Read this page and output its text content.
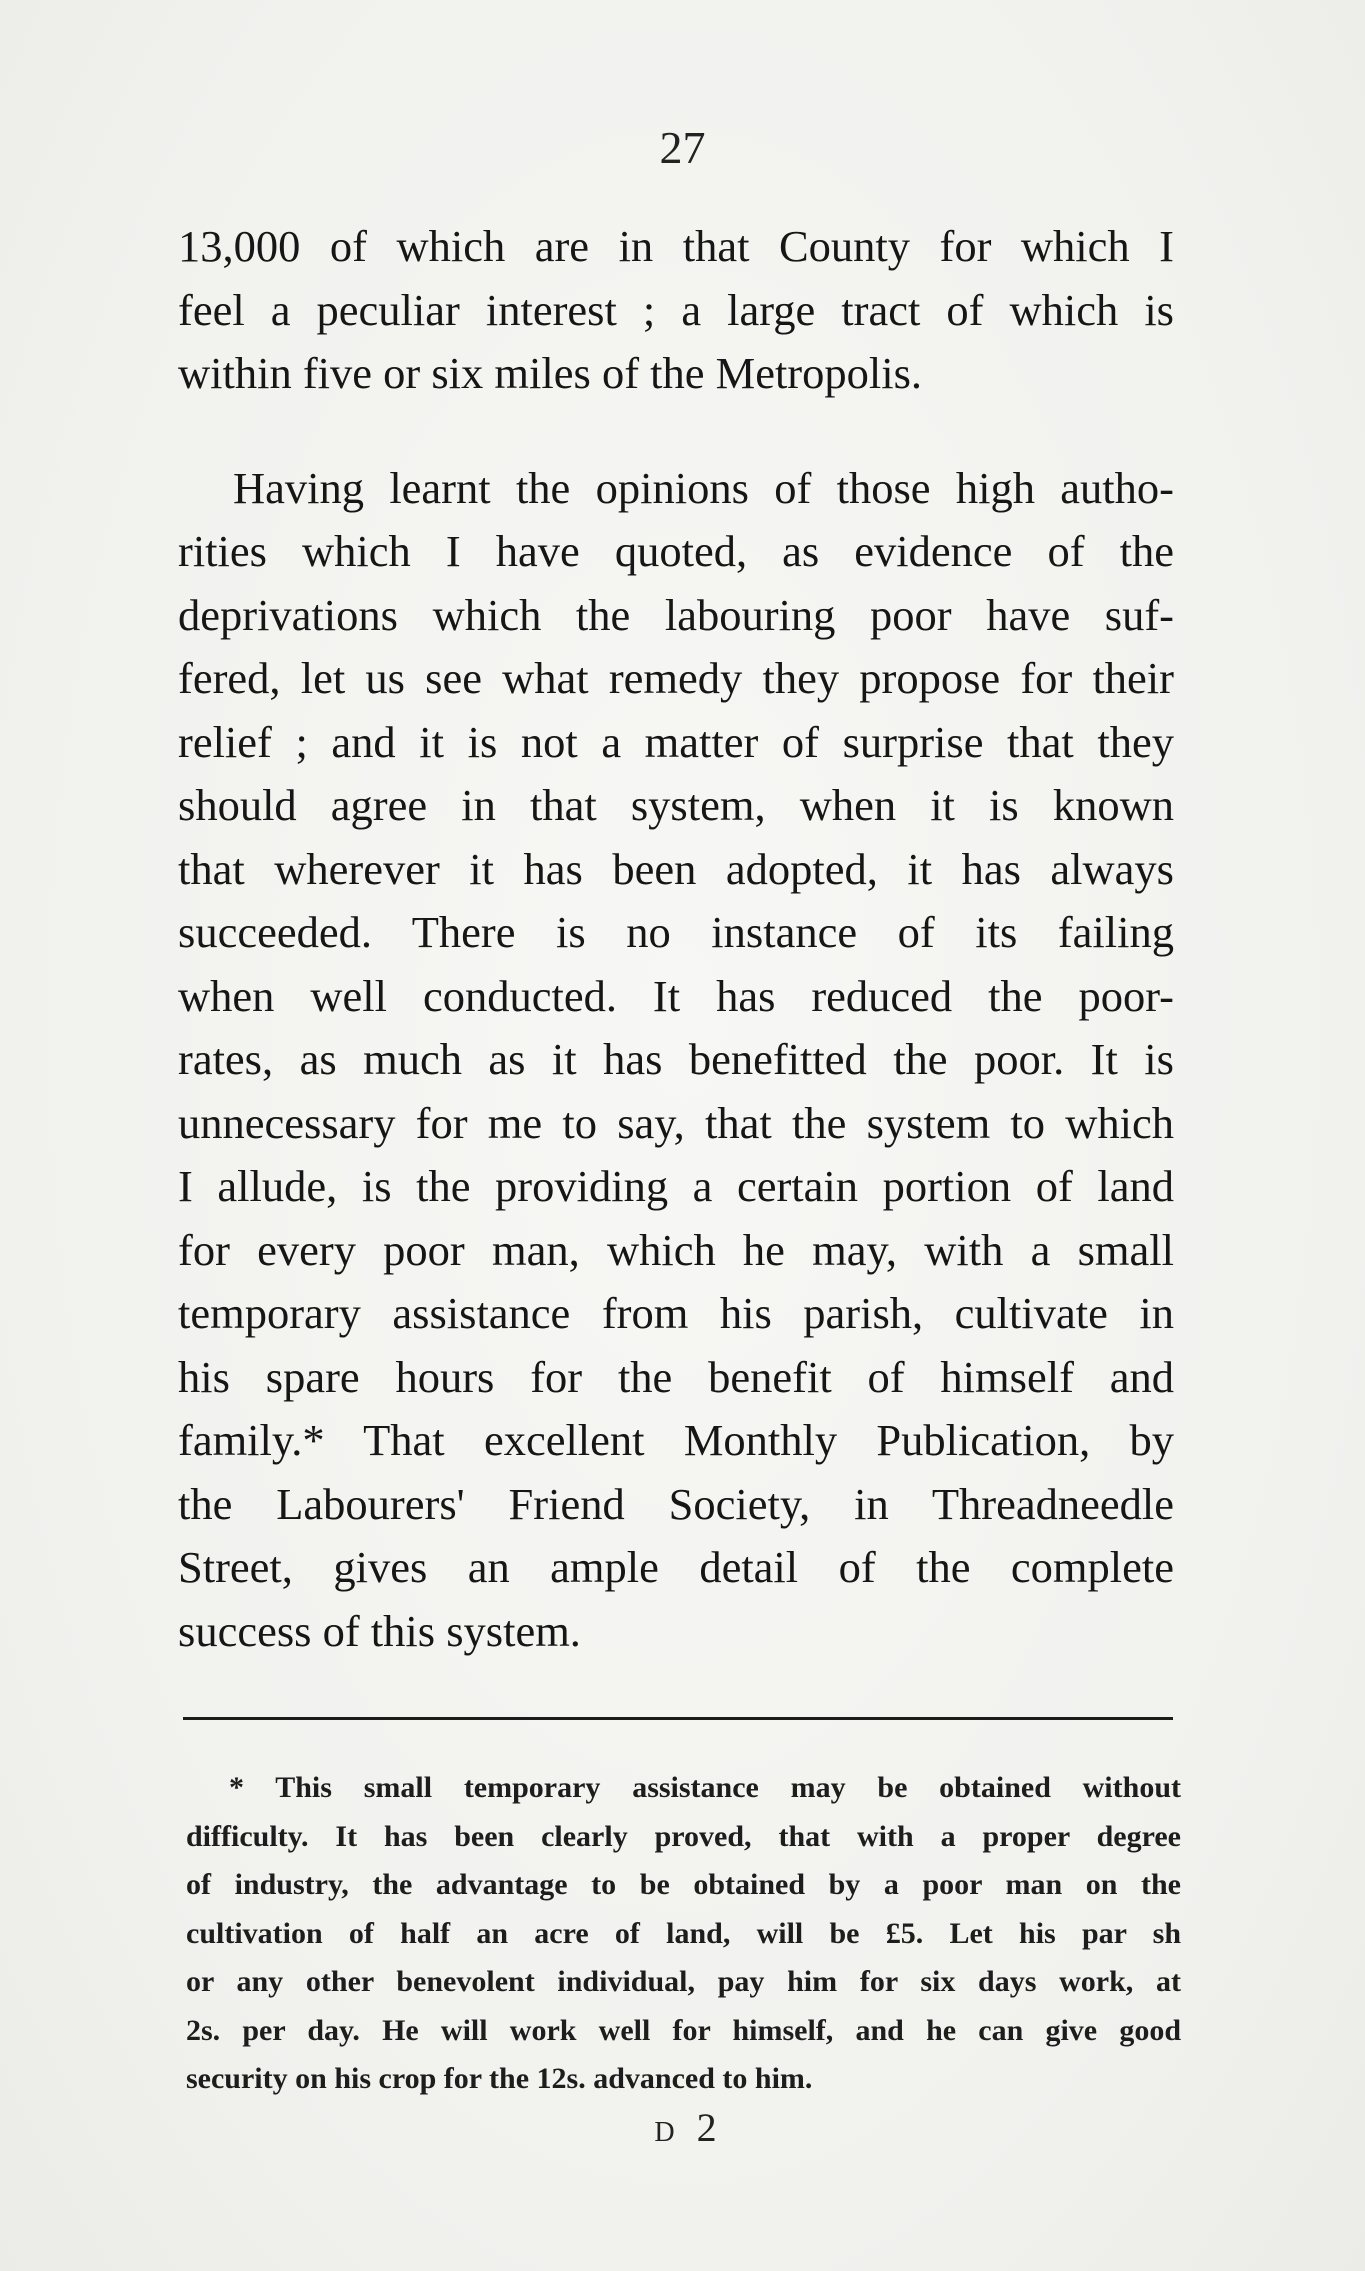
27
13,000 of which are in that County for which I
feel a peculiar interest ; a large tract of which is
within five or six miles of the Metropolis.
Having learnt the opinions of those high autho-
rities which I have quoted, as evidence of the
deprivations which the labouring poor have suf-
fered, let us see what remedy they propose for their
relief ; and it is not a matter of surprise that they
should agree in that system, when it is known
that wherever it has been adopted, it has always
succeeded. There is no instance of its failing
when well conducted. It has reduced the poor-
rates, as much as it has benefitted the poor. It is
unnecessary for me to say, that the system to which
I allude, is the providing a certain portion of land
for every poor man, which he may, with a small
temporary assistance from his parish, cultivate in
his spare hours for the benefit of himself and
family.* That excellent Monthly Publication, by
the Labourers' Friend Society, in Threadneedle
Street, gives an ample detail of the complete
success of this system.
* This small temporary assistance may be obtained without
difficulty. It has been clearly proved, that with a proper degree
of industry, the advantage to be obtained by a poor man on the
cultivation of half an acre of land, will be £5. Let his par sh
or any other benevolent individual, pay him for six days work, at
2s. per day. He will work well for himself, and he can give good
security on his crop for the 12s. advanced to him.
D2
